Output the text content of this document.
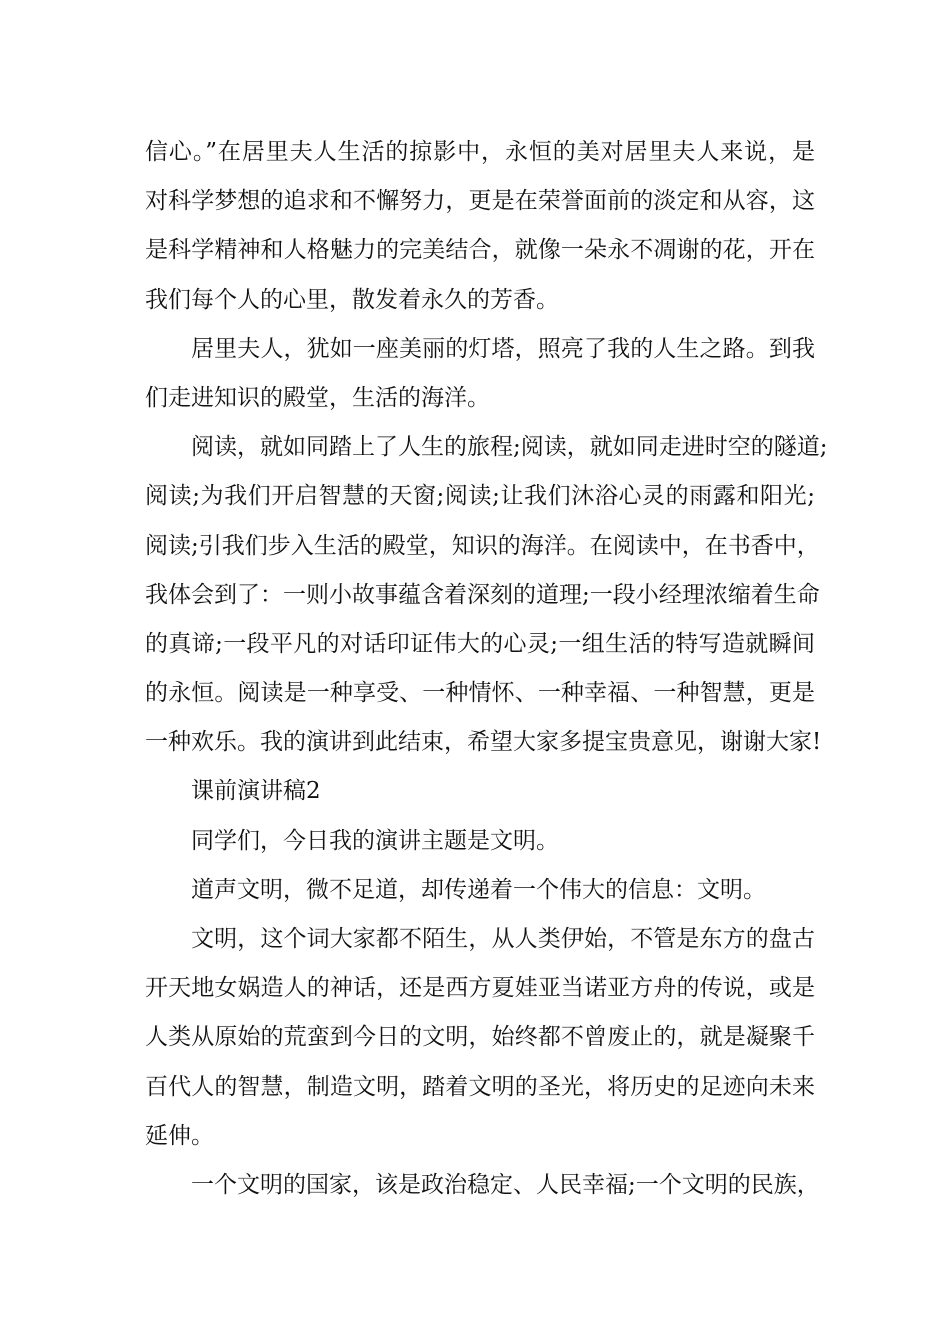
信心。”在居里夫人生活的掠影中，永恒的美对居里夫人来说，是
对科学梦想的追求和不懈努力，更是在荣誉面前的淡定和从容，这
是科学精神和人格魅力的完美结合，就像一朵永不凋谢的花，开在
我们每个人的心里，散发着永久的芳香。
居里夫人，犹如一座美丽的灯塔，照亮了我的人生之路。到我
们走进知识的殿堂，生活的海洋。
阅读，就如同踏上了人生的旅程;阅读，就如同走进时空的隧道;
阅读;为我们开启智慧的天窗;阅读;让我们沐浴心灵的雨露和阳光;
阅读;引我们步入生活的殿堂，知识的海洋。在阅读中，在书香中，
我体会到了：一则小故事蕴含着深刻的道理;一段小经理浓缩着生命
的真谛;一段平凡的对话印证伟大的心灵;一组生活的特写造就瞬间
的永恒。阅读是一种享受、一种情怀、一种幸福、一种智慧，更是
一种欢乐。我的演讲到此结束，希望大家多提宝贵意见，谢谢大家!
课前演讲稿2
同学们，今日我的演讲主题是文明。
道声文明，微不足道，却传递着一个伟大的信息：文明。
文明，这个词大家都不陌生，从人类伊始，不管是东方的盘古
开天地女娲造人的神话，还是西方夏娃亚当诺亚方舟的传说，或是
人类从原始的荒蛮到今日的文明，始终都不曾废止的，就是凝聚千
百代人的智慧，制造文明，踏着文明的圣光，将历史的足迹向未来
延伸。
一个文明的国家，该是政治稳定、人民幸福;一个文明的民族，
